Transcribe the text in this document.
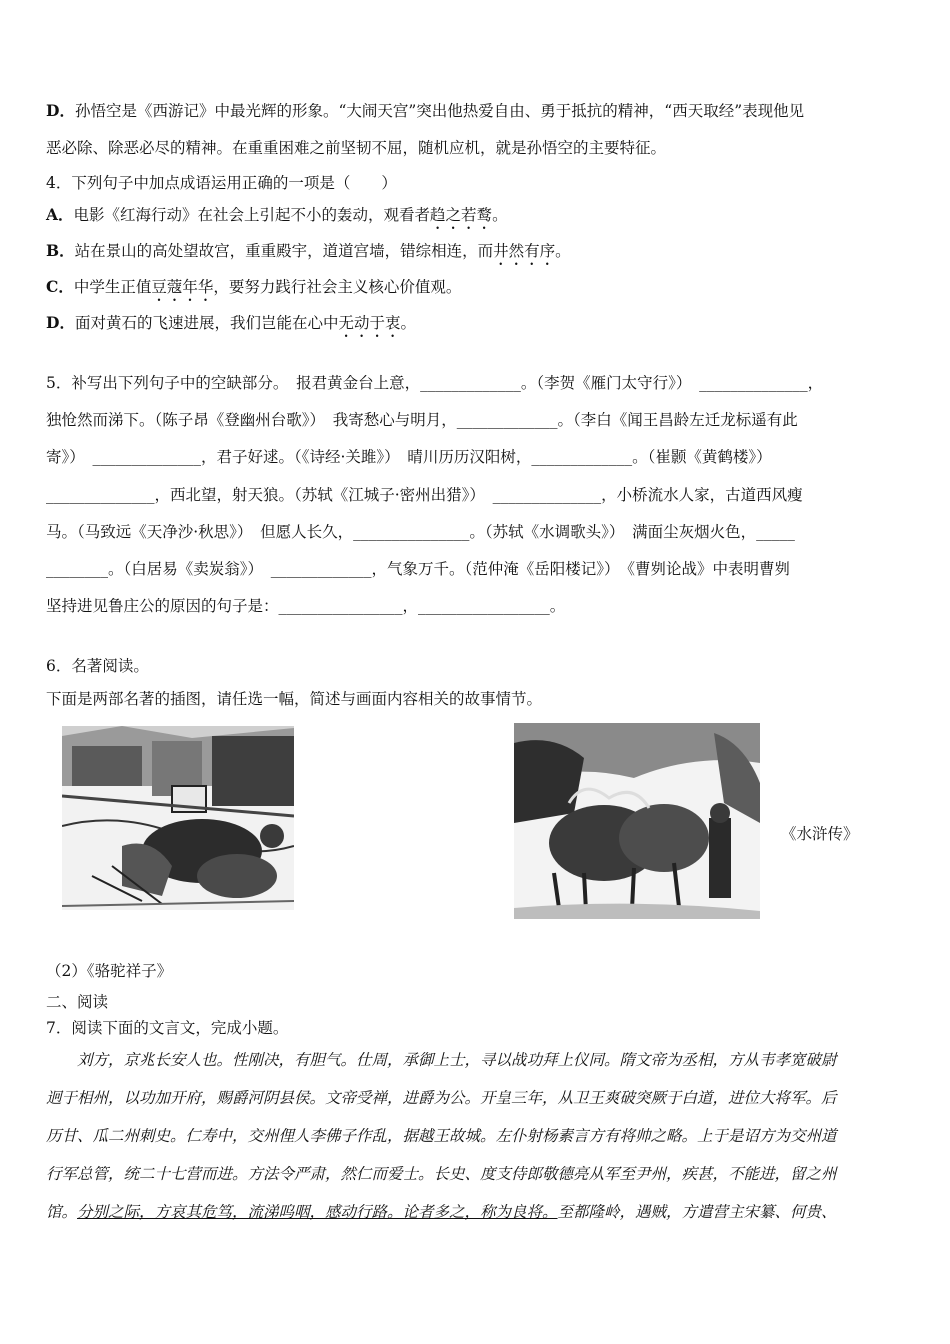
D．孙悟空是《西游记》中最光辉的形象。“大闹天宫”突出他热爱自由、勇于抵抗的精神，“西天取经”表现他见
恶必除、除恶必尽的精神。在重重困难之前坚韧不屈，随机应机，就是孙悟空的主要特征。
4．下列句子中加点成语运用正确的一项是（　　）
A．电影《红海行动》在社会上引起不小的轰动，观看者趋之若鹜。
B．站在景山的高处望故宫，重重殿宇，道道宫墙，错综相连，而井然有序。
C．中学生正值豆蔻年华，要努力践行社会主义核心价值观。
D．面对黄石的飞速进展，我们岂能在心中无动于衷。
5．补写出下列句子中的空缺部分。　报君黄金台上意，_____________。（李贺《雁门太守行》）　______________，
独怆然而涕下。（陈子昂《登幽州台歌》）　我寄愁心与明月，_____________。（李白《闻王昌龄左迁龙标遥有此
寄》）　______________，君子好逑。（《诗经·关雎》）　晴川历历汉阳树，_____________。（崔颢《黄鹤楼》）
______________，西北望，射天狼。（苏轼《江城子·密州出猎》）　______________，小桥流水人家，古道西风瘦
马。（马致远《天净沙·秋思》）　但愿人长久，_______________。（苏轼《水调歌头》）　满面尘灰烟火色，_____
________。（白居易《卖炭翁》）　_____________，气象万千。（范仲淹《岳阳楼记》）　《曹刿论战》中表明曹刿
坚持进见鲁庄公的原因的句子是：________________，_________________。
6．名著阅读。
下面是两部名著的插图，请任选一幅，简述与画面内容相关的故事情节。
《水浒传》
（2）《骆驼祥子》
二、阅读
7．阅读下面的文言文，完成小题。
　　刘方，京兆长安人也。性刚决，有胆气。仕周，承御上士，寻以战功拜上仪同。隋文帝为丞相，方从韦孝宽破尉
迥于相州，以功加开府，赐爵河阴县侯。文帝受禅，进爵为公。开皇三年，从卫王爽破突厥于白道，进位大将军。后
历甘、瓜二州刺史。仁寿中，交州俚人李佛子作乱，据越王故城。左仆射杨素言方有将帅之略。上于是诏方为交州道
行军总管，统二十七营而进。方法令严肃，然仁而爱士。长史、度支侍郎敬德亮从军至尹州，疾甚，不能进，留之州
馆。分别之际，方哀其危笃，流涕呜咽，感动行路。论者多之，称为良将。至都隆岭，遇贼，方遣营主宋纂、何贵、
